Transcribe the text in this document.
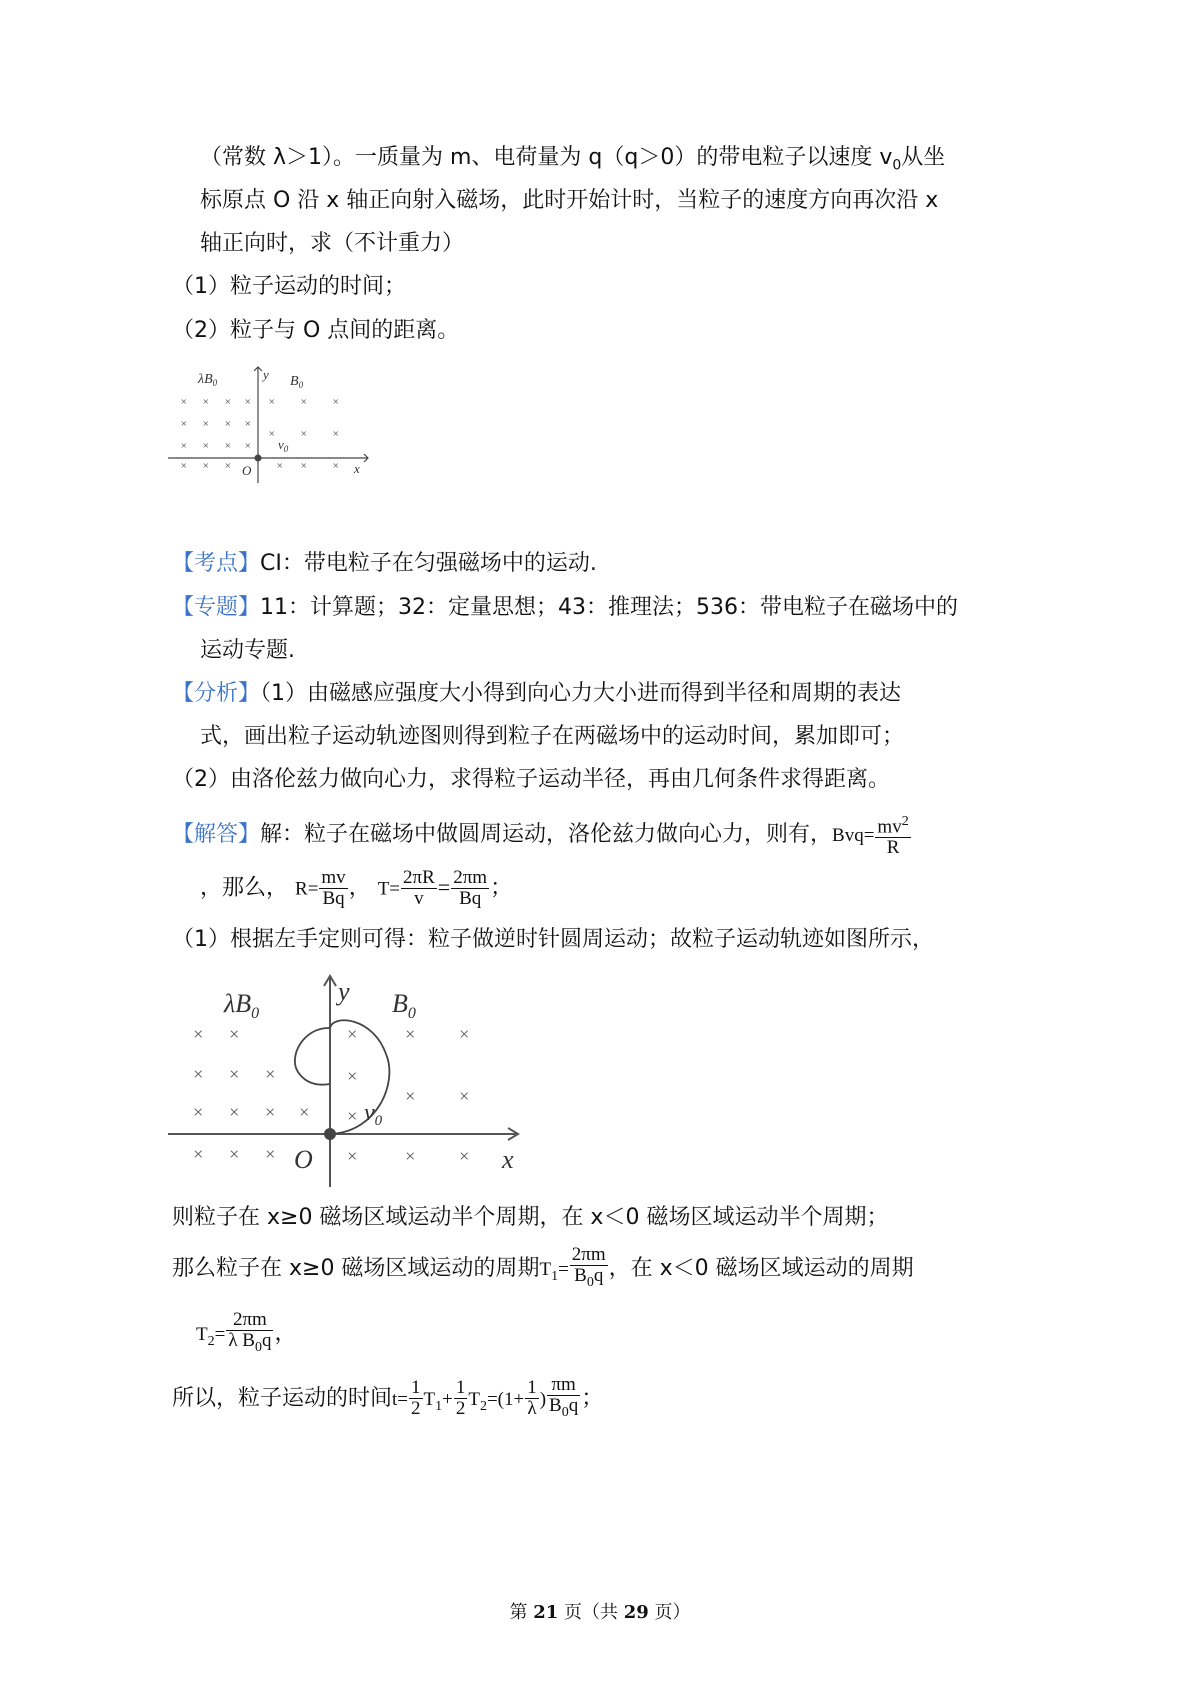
（常数 λ＞1）。一质量为 m、电荷量为 q（q＞0）的带电粒子以速度 $v_0$从坐
标原点 O 沿 x 轴正向射入磁场，此时开始计时，当粒子的速度方向再次沿 x
轴正向时，求（不计重力）
（1）粒子运动的时间；
（2）粒子与 O 点间的距离。
× × × ×
× × × ×
× × × ×
× × ×
× × ×
× × ×
× × ×
$\lambda B_0$	$B_0$
y
x
O
$v_0$
【考点】CI：带电粒子在匀强磁场中的运动.
【专题】11：计算题；32：定量思想；43：推理法；536：带电粒子在磁场中的
运动专题.
【分析】（1）由磁感应强度大小得到向心力大小进而得到半径和周期的表达
式，画出粒子运动轨迹图则得到粒子在两磁场中的运动时间，累加即可；
（2）由洛伦兹力做向心力，求得粒子运动半径，再由几何条件求得距离。
【解答】解：粒子在磁场中做圆周运动，洛伦兹力做向心力，则有，$Bvq= \frac{mv^2}{R}$
，那么， $R= \frac{mv}{Bq}$ ， $T= \frac{2\pi R}{v} = \frac{2\pi m}{Bq}$ ；
（1）根据左手定则可得：粒子做逆时针圆周运动；故粒子运动轨迹如图所示，
× ×	×	× ×
× × ×	×
× × × × ×
× ×
× × ×	×	× ×
$\lambda B_0$	$B_0$
y
x
O
$v_0$
则粒子在 x≥0 磁场区域运动半个周期，在 x＜0 磁场区域运动半个周期；
那么粒子在 x≥0 磁场区域运动的周期$T_1= \frac{2\pi m}{B_0q}$ ，在 x＜0 磁场区域运动的周期
$T_2= \frac{2\pi m}{\lambda B_0q}$ ，
所以，粒子运动的时间$t= \frac{1}{2} T_1+ \frac{1}{2} T_2=(1+ \frac{1}{\lambda}$ ) $\frac{\pi m}{B_0q}$ ；
第 21 页（共 29 页）
